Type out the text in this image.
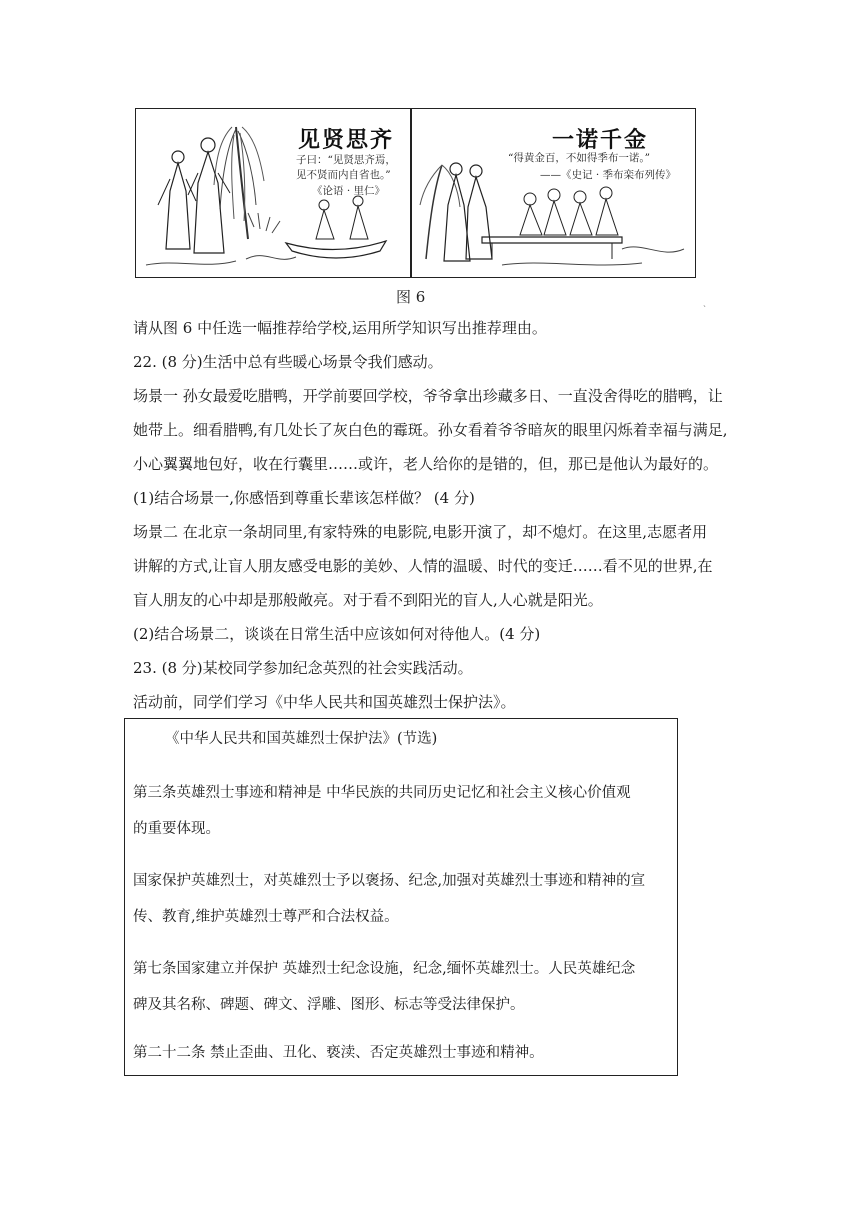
见贤思齐
子曰：“见贤思齐焉，
见不贤而内自省也。”
《论语 · 里仁》
一诺千金
“得黄金百，不如得季布一诺。”
——《史记 · 季布栾布列传》
图 6	ˏ
请从图 6 中任选一幅推荐给学校,运用所学知识写出推荐理由。
22. (8 分)生活中总有些暖心场景令我们感动。
场景一 孙女最爱吃腊鸭，开学前要回学校，爷爷拿出珍藏多日、一直没舍得吃的腊鸭，让
她带上。细看腊鸭,有几处长了灰白色的霉斑。孙女看着爷爷暗灰的眼里闪烁着幸福与满足,
小心翼翼地包好，收在行囊里……或许，老人给你的是错的，但，那已是他认为最好的。
(1)结合场景一,你感悟到尊重长辈该怎样做？ (4 分)
场景二 在北京一条胡同里,有家特殊的电影院,电影开演了，却不熄灯。在这里,志愿者用
讲解的方式,让盲人朋友感受电影的美妙、人情的温暖、时代的变迁……看不见的世界,在
盲人朋友的心中却是那般敞亮。对于看不到阳光的盲人,人心就是阳光。
(2)结合场景二，谈谈在日常生活中应该如何对待他人。(4 分)
23. (8 分)某校同学参加纪念英烈的社会实践活动。
活动前，同学们学习《中华人民共和国英雄烈士保护法》。
《中华人民共和国英雄烈士保护法》(节选)
第三条英雄烈士事迹和精神是 中华民族的共同历史记忆和社会主义核心价值观
的重要体现。
国家保护英雄烈士，对英雄烈士予以褒扬、纪念,加强对英雄烈士事迹和精神的宣
传、教育,维护英雄烈士尊严和合法权益。
第七条国家建立并保护 英雄烈士纪念设施，纪念,缅怀英雄烈士。人民英雄纪念
碑及其名称、碑题、碑文、浮雕、图形、标志等受法律保护。
第二十二条 禁止歪曲、丑化、亵渎、否定英雄烈士事迹和精神。
